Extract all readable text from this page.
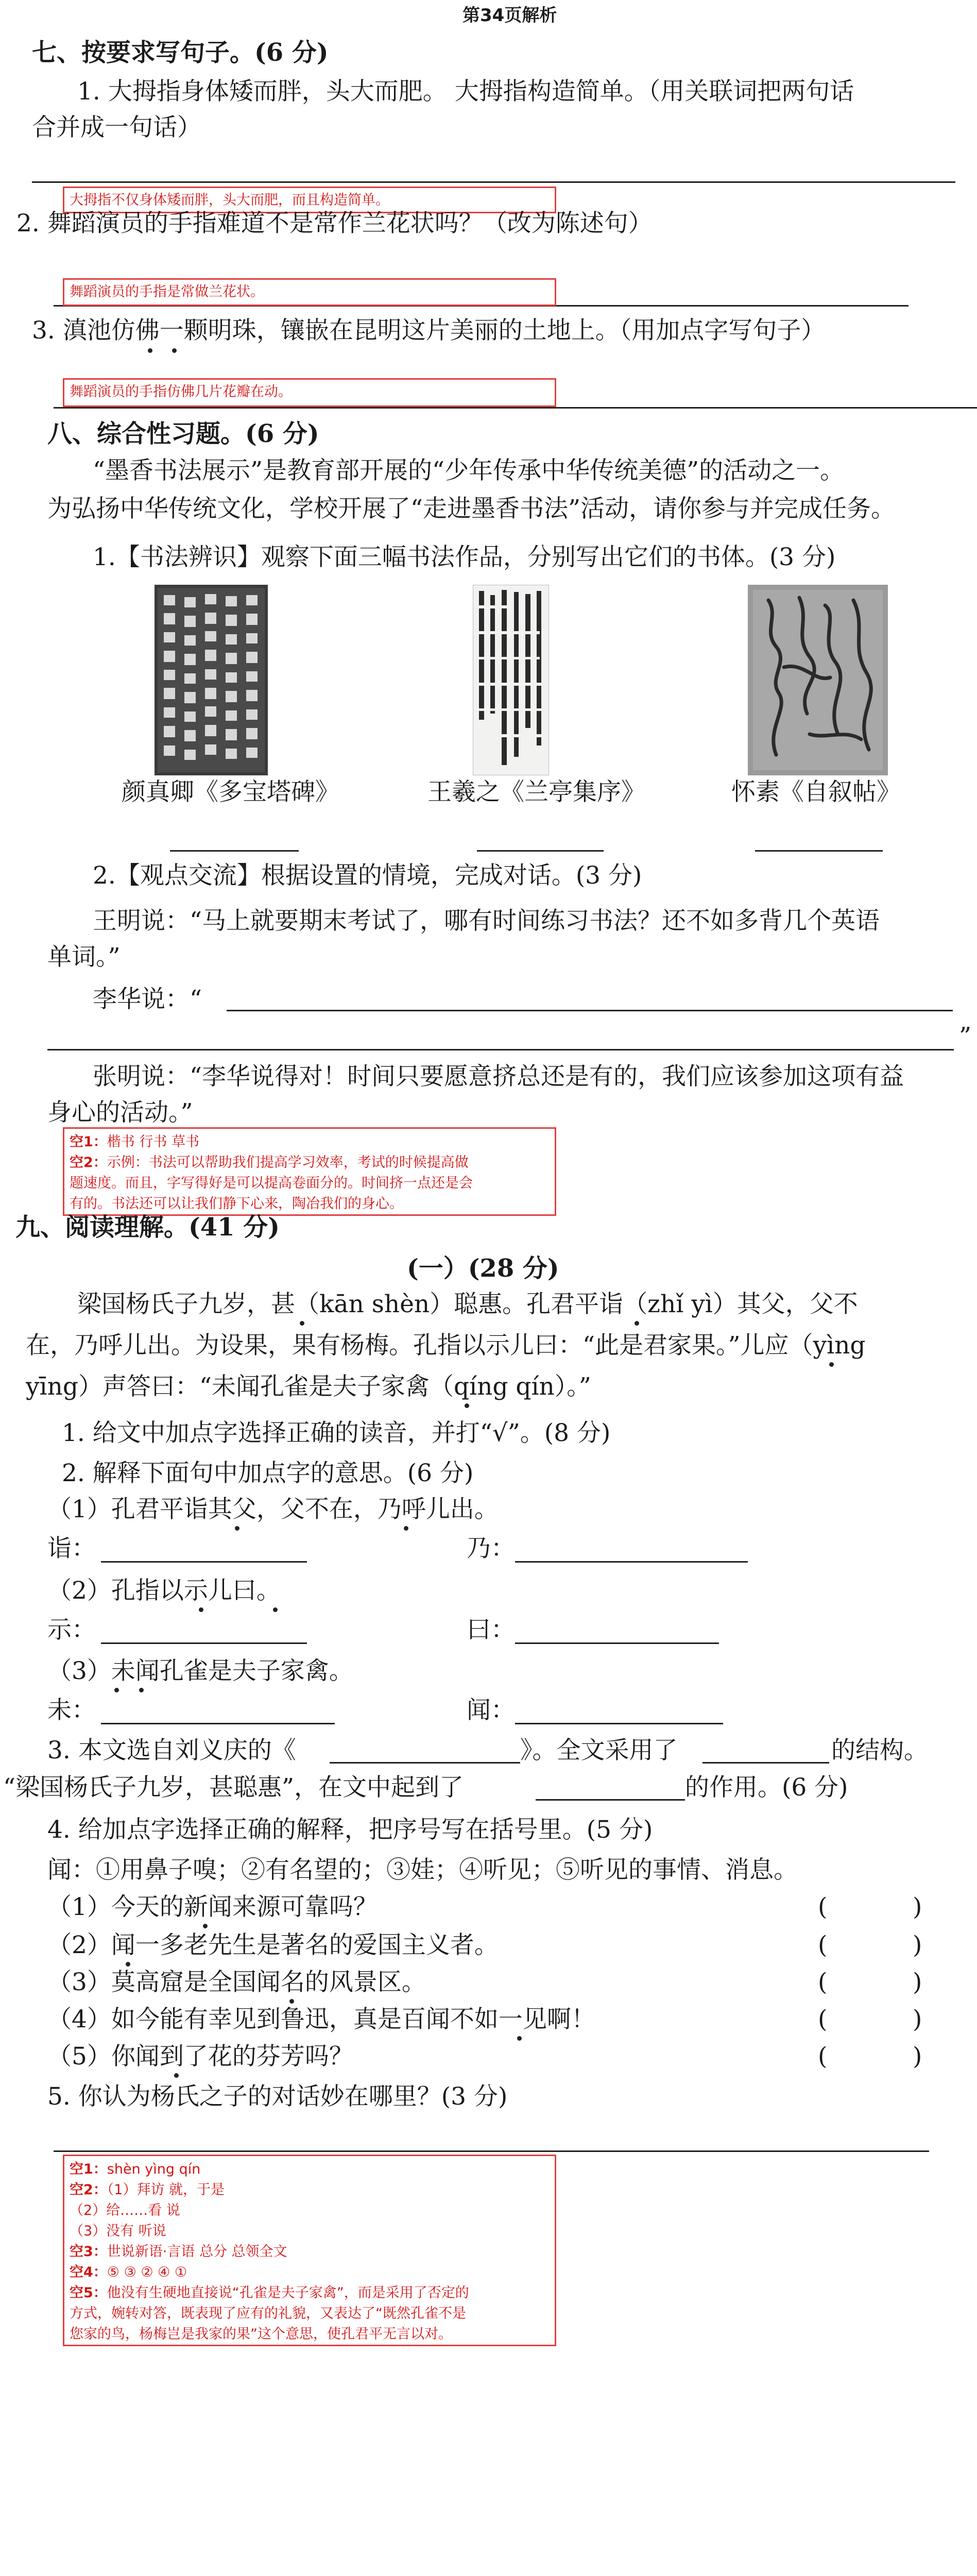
第34页解析
七、按要求写句子。(6 分)
1. 大拇指身体矮而胖，头大而肥。 大拇指构造简单。（用关联词把两句话
合并成一句话）
大拇指不仅身体矮而胖，头大而肥，而且构造简单。
2. 舞蹈演员的手指难道不是常作兰花状吗？（改为陈述句）
舞蹈演员的手指是常做兰花状。
3. 滇池仿佛一颗明珠，镶嵌在昆明这片美丽的土地上。（用加点字写句子）
舞蹈演员的手指仿佛几片花瓣在动。
八、综合性习题。(6 分)
“墨香书法展示”是教育部开展的“少年传承中华传统美德”的活动之一。
为弘扬中华传统文化，学校开展了“走进墨香书法”活动，请你参与并完成任务。
1.【书法辨识】观察下面三幅书法作品，分别写出它们的书体。(3 分)
颜真卿《多宝塔碑》	王羲之《兰亭集序》	怀素《自叙帖》
2.【观点交流】根据设置的情境，完成对话。(3 分)
王明说：“马上就要期末考试了，哪有时间练习书法？还不如多背几个英语
单词。”
李华说：“
”
张明说：“李华说得对！时间只要愿意挤总还是有的，我们应该参加这项有益
身心的活动。”
空1：楷书 行书 草书
空2：示例：书法可以帮助我们提高学习效率，考试的时候提高做
题速度。而且，字写得好是可以提高卷面分的。时间挤一点还是会
有的。书法还可以让我们静下心来，陶冶我们的身心。
九、阅读理解。(41 分)
(一）(28 分)
梁国杨氏子九岁，甚（kān shèn）聪惠。孔君平诣（zhǐ yì）其父，父不
在，乃呼儿出。为设果，果有杨梅。孔指以示儿曰：“此是君家果。”儿应（yìng
yīng）声答曰：“未闻孔雀是夫子家禽（qíng qín）。”
1. 给文中加点字选择正确的读音，并打“√”。(8 分)
2. 解释下面句中加点字的意思。(6 分)
（1）孔君平诣其父，父不在，乃呼儿出。
诣：	乃：
（2）孔指以示儿曰。
示：	曰：
（3）未闻孔雀是夫子家禽。
未：	闻：
3. 本文选自刘义庆的《	》。全文采用了	的结构。
“梁国杨氏子九岁，甚聪惠”，在文中起到了	的作用。(6 分)
4. 给加点字选择正确的解释，把序号写在括号里。(5 分)
闻：①用鼻子嗅；②有名望的；③娃；④听见；⑤听见的事情、消息。
（1）今天的新闻来源可靠吗？	(	)
（2）闻一多老先生是著名的爱国主义者。	(	)
（3）莫高窟是全国闻名的风景区。	(	)
（4）如今能有幸见到鲁迅，真是百闻不如一见啊！	(	)
（5）你闻到了花的芬芳吗？	(	)
5. 你认为杨氏之子的对话妙在哪里？(3 分)
空1：shèn yìng qín
空2：（1）拜访 就，于是
（2）给……看 说
（3）没有 听说
空3：世说新语·言语 总分 总领全文
空4：⑤ ③ ② ④ ①
空5：他没有生硬地直接说“孔雀是夫子家禽”，而是采用了否定的
方式，婉转对答，既表现了应有的礼貌，又表达了“既然孔雀不是
您家的鸟，杨梅岂是我家的果”这个意思，使孔君平无言以对。
